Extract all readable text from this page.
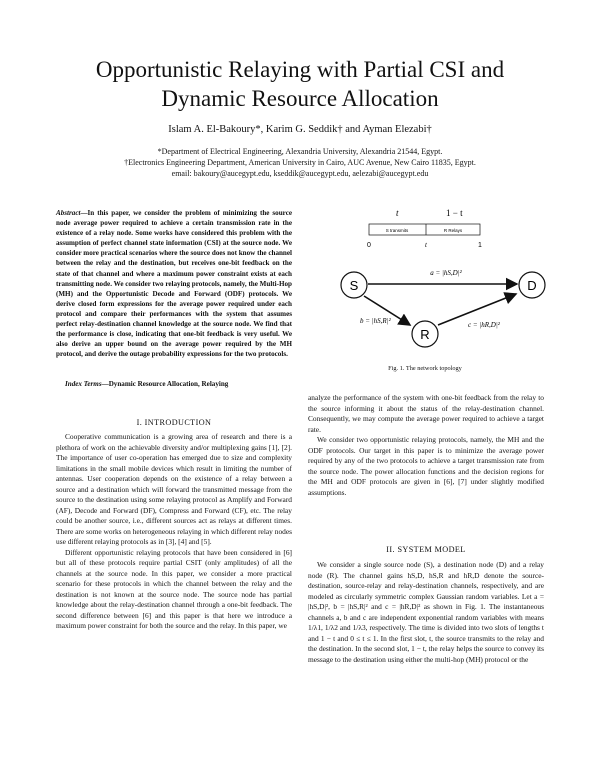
Opportunistic Relaying with Partial CSI and
Dynamic Resource Allocation
Islam A. El-Bakoury*, Karim G. Seddik† and Ayman Elezabi†
*Department of Electrical Engineering, Alexandria University, Alexandria 21544, Egypt.
†Electronics Engineering Department, American University in Cairo, AUC Avenue, New Cairo 11835, Egypt.
email: bakoury@aucegypt.edu, kseddik@aucegypt.edu, aelezabi@aucegypt.edu
Abstract—In this paper, we consider the problem of minimizing the source node average power required to achieve a certain transmission rate in the existence of a relay node. Some works have considered this problem with the assumption of perfect channel state information (CSI) at the source node. We consider more practical scenarios where the source does not know the channel between the relay and the destination, but receives one-bit feedback on the state of that channel and where a maximum power constraint exists at each transmitting node. We consider two relaying protocols, namely, the Multi-Hop (MH) and the Opportunistic Decode and Forward (ODF) protocols. We derive closed form expressions for the average power required under each protocol and compare their performances with the system that assumes perfect relay-destination channel knowledge at the source node. We find that the performance is close, indicating that one-bit feedback is very useful. We also derive an upper bound on the average power required by the MH protocol, and derive the outage probability expressions for the two protocols.
Index Terms—Dynamic Resource Allocation, Relaying
I. INTRODUCTION

Cooperative communication is a growing area of research and there is a plethora of work on the achievable diversity and/or multiplexing gains [1], [2]. The importance of user co-operation has emerged due to size and complexity limitations in the small mobile devices which result in limiting the number of antennas. User cooperation depends on the existence of a relay between a source and a destination which will forward the transmitted message from the source to the destination using some relaying protocol as Amplify and Forward (AF), Decode and Forward (DF), Compress and Forward (CF), etc. The relay could be another source, i.e., different sources act as relays at different times. There are some works on heterogeneous relaying in which different relay nodes use different relaying protocols as in [3], [4] and [5].

Different opportunistic relaying protocols that have been considered in [6] but all of these protocols require partial CSIT (only amplitudes) of all the channels at the source node. In this paper, we consider a more practical scenario for these protocols in which the channel between the relay and the destination is not known at the source node. The source node has partial knowledge about the relay-destination channel through a one-bit feedback. The second difference between [6] and this paper is that here we introduce a maximum power constraint for both the source and the relay. In this paper, we

t	1 − t
S transmits	R Relays
0	t	1
S	D
R
a = |hS,D|²
b = |hS,R|²	c = |hR,D|²
Fig. 1. The network topology

analyze the performance of the system with one-bit feedback from the relay to the source informing it about the status of the relay-destination channel. Consequently, we may compute the average power required to achieve a target rate.

We consider two opportunistic relaying protocols, namely, the MH and the ODF protocols. Our target in this paper is to minimize the average power required by any of the two protocols to achieve a target transmission rate from the source node. The power allocation functions and the decision regions for the MH and ODF protocols are given in [6], [7] under slightly modified assumptions.

II. SYSTEM MODEL

We consider a single source node (S), a destination node (D) and a relay node (R). The channel gains hS,D, hS,R and hR,D denote the source-destination, source-relay and relay-destination channels, respectively, and are modeled as circularly symmetric complex Gaussian random variables. Let a = |hS,D|², b = |hS,R|² and c = |hR,D|² as shown in Fig. 1. The instantaneous channels a, b and c are independent exponential random variables with means 1/λ1, 1/λ2 and 1/λ3, respectively. The time is divided into two slots of lengths t and 1 − t and 0 ≤ t ≤ 1. In the first slot, t, the source transmits to the relay and the destination. In the second slot, 1 − t, the relay helps the source to convey its message to the destination using either the multi-hop (MH) protocol or the
